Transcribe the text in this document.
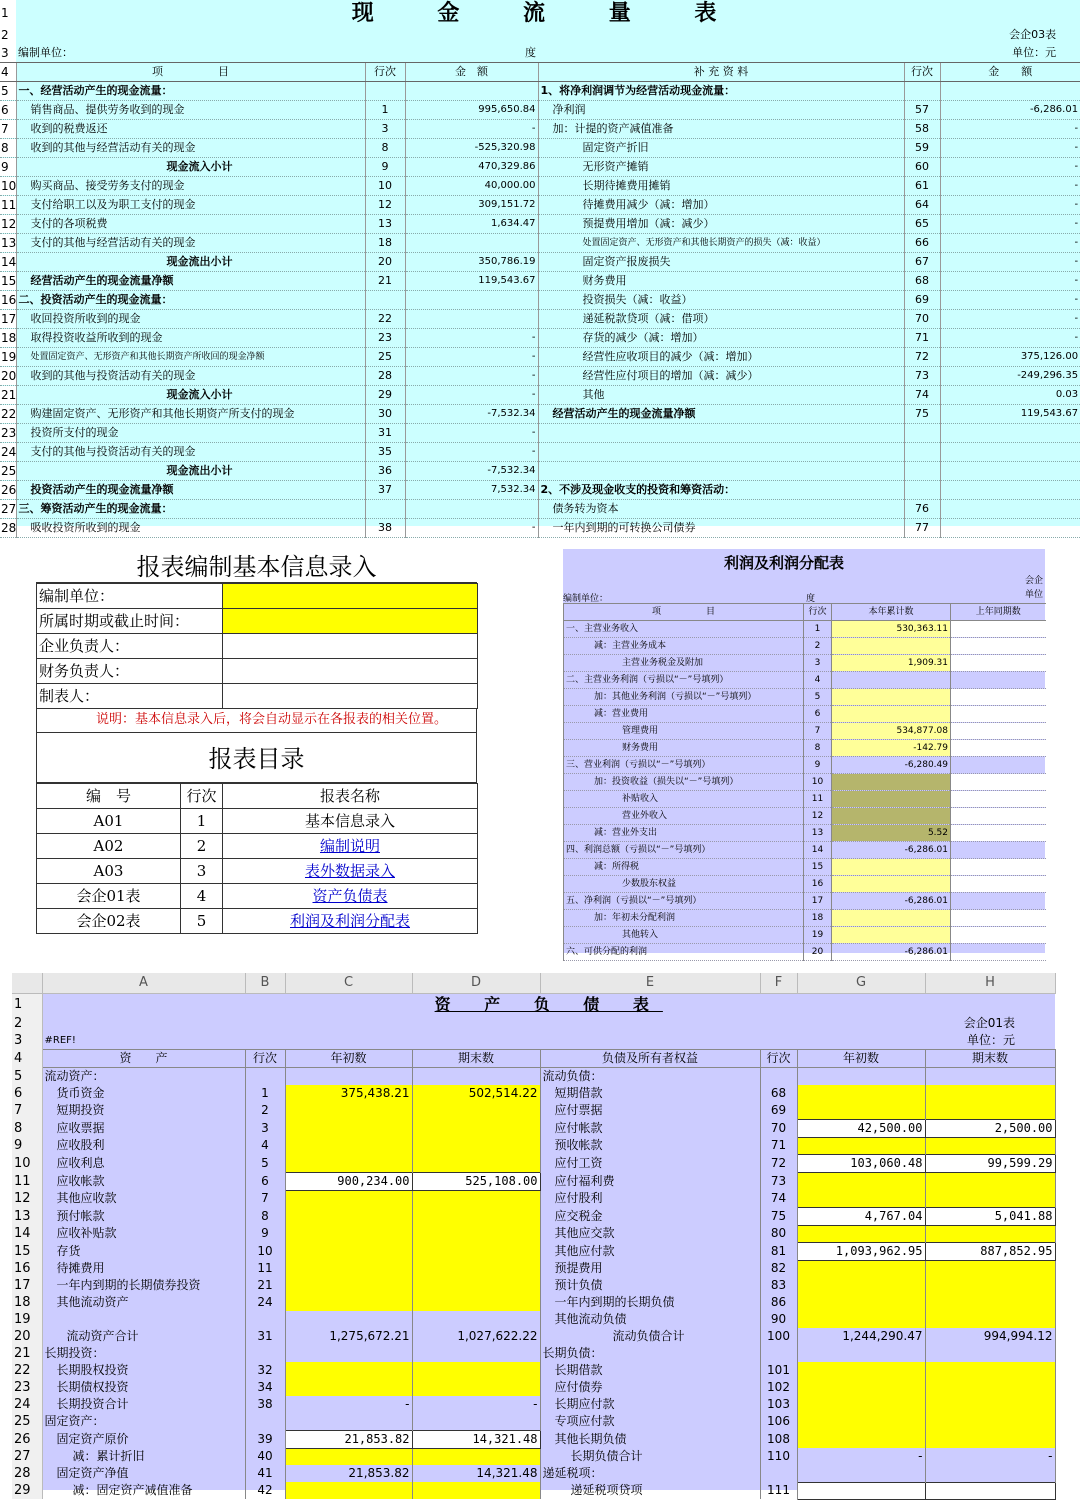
1	现 金 流 量 表					
2	会企03表					
3	编制单位：	度			单位：元	
4	项　　　　　目	行次	金　额	补 充 资 料	行次	金　　额
5	一、经营活动产生的现金流量：			1、将净利润调节为经营活动现金流量：		
6	销售商品、提供劳务收到的现金	1	995,650.84	净利润	57	-6,286.01
7	收到的税费返还	3	-	加：计提的资产减值准备	58	-
8	收到的其他与经营活动有关的现金	8	-525,320.98	固定资产折旧	59	-
9	现金流入小计	9	470,329.86	无形资产摊销	60	-
10	购买商品、接受劳务支付的现金	10	40,000.00	长期待摊费用摊销	61	-
11	支付给职工以及为职工支付的现金	12	309,151.72	待摊费用减少（减：增加）	64	-
12	支付的各项税费	13	1,634.47	预提费用增加（减：减少）	65	-
13	支付的其他与经营活动有关的现金	18		处置固定资产、无形资产和其他长期资产的损失（减：收益）	66	-
14	现金流出小计	20	350,786.19	固定资产报废损失	67	-
15	经营活动产生的现金流量净额	21	119,543.67	财务费用	68	-
16	二、投资活动产生的现金流量：			投资损失（减：收益）	69	-
17	收回投资所收到的现金	22		递延税款贷项（减：借项）	70	-
18	取得投资收益所收到的现金	23	-	存货的减少（减：增加）	71	-
19	处置固定资产、无形资产和其他长期资产所收回的现金净额	25	-	经营性应收项目的减少（减：增加）	72	375,126.00
20	收到的其他与投资活动有关的现金	28	-	经营性应付项目的增加（减：减少）	73	-249,296.35
21	现金流入小计	29	-	其他	74	0.03
22	购建固定资产、无形资产和其他长期资产所支付的现金	30	-7,532.34	经营活动产生的现金流量净额	75	119,543.67
23	投资所支付的现金	31	-			
24	支付的其他与投资活动有关的现金	35	-			
25	现金流出小计	36	-7,532.34			
26	投资活动产生的现金流量净额	37	7,532.34	2、不涉及现金收支的投资和筹资活动：		
27	三、筹资活动产生的现金流量：			债务转为资本	76	
28	吸收投资所收到的现金	38	-	一年内到期的可转换公司债券	77	
报表编制基本信息录入
编制单位：	
所属时期或截止时间：	
企业负责人：	
财务负责人：	
制表人：	
说明：基本信息录入后，将会自动显示在各报表的相关位置。
报表目录
编　号	行次	报表名称
A01	1	基本信息录入
A02	2	编制说明
A03	3	表外数据录入
会企01表	4	资产负债表
会企02表	5	利润及利润分配表
利润及利润分配表
会企
编制单位：	度	单位
项　　　　　目	行次	本年累计数	上年同期数
一、主营业务收入	1	530,363.11	
减：主营业务成本	2		
主营业务税金及附加	3	1,909.31	
二、主营业务利润（亏损以“－”号填列）	4		
加：其他业务利润（亏损以“－”号填列）	5		
减：营业费用	6		
管理费用	7	534,877.08	
财务费用	8	-142.79	
三、营业利润（亏损以“－”号填列）	9	-6,280.49	
加：投资收益（损失以“－”号填列）	10		
补贴收入	11		
营业外收入	12		
减：营业外支出	13	5.52	
四、利润总额（亏损以“－”号填列）	14	-6,286.01	
减：所得税	15		
少数股东权益	16		
五、净利润（亏损以“－”号填列）	17	-6,286.01	
加：年初未分配利润	18		
其他转入	19		
六、可供分配的利润	20	-6,286.01	
	A	B	C	D	E	F	G	H
1	资 产 负 债 表							
2	会企01表							
3	#REF!						单位：元	
4	资　　产	行次	年初数	期末数	负债及所有者权益	行次	年初数	期末数
5	流动资产：				流动负债：			
6	货币资金	1	375,438.21	502,514.22	短期借款	68		
7	短期投资	2			应付票据	69		
8	应收票据	3			应付帐款	70	42,500.00	2,500.00
9	应收股利	4			预收帐款	71		
10	应收利息	5			应付工资	72	103,060.48	99,599.29
11	应收帐款	6	900,234.00	525,108.00	应付福利费	73		
12	其他应收款	7			应付股利	74		
13	预付帐款	8			应交税金	75	4,767.04	5,041.88
14	应收补贴款	9			其他应交款	80		
15	存货	10			其他应付款	81	1,093,962.95	887,852.95
16	待摊费用	11			预提费用	82		
17	一年内到期的长期债券投资	21			预计负债	83		
18	其他流动资产	24			一年内到期的长期负债	86		
19					其他流动负债	90		
20	流动资产合计	31	1,275,672.21	1,027,622.22	流动负债合计	100	1,244,290.47	994,994.12
21	长期投资：				长期负债：			
22	长期股权投资	32			长期借款	101		
23	长期债权投资	34			应付债券	102		
24	长期投资合计	38	-	-	长期应付款	103		
25	固定资产：				专项应付款	106		
26	固定资产原价	39	21,853.82	14,321.48	其他长期负债	108		
27	减：累计折旧	40			长期负债合计	110	-	-
28	固定资产净值	41	21,853.82	14,321.48	递延税项：			
29	减：固定资产减值准备	42			递延税项贷项	111		
